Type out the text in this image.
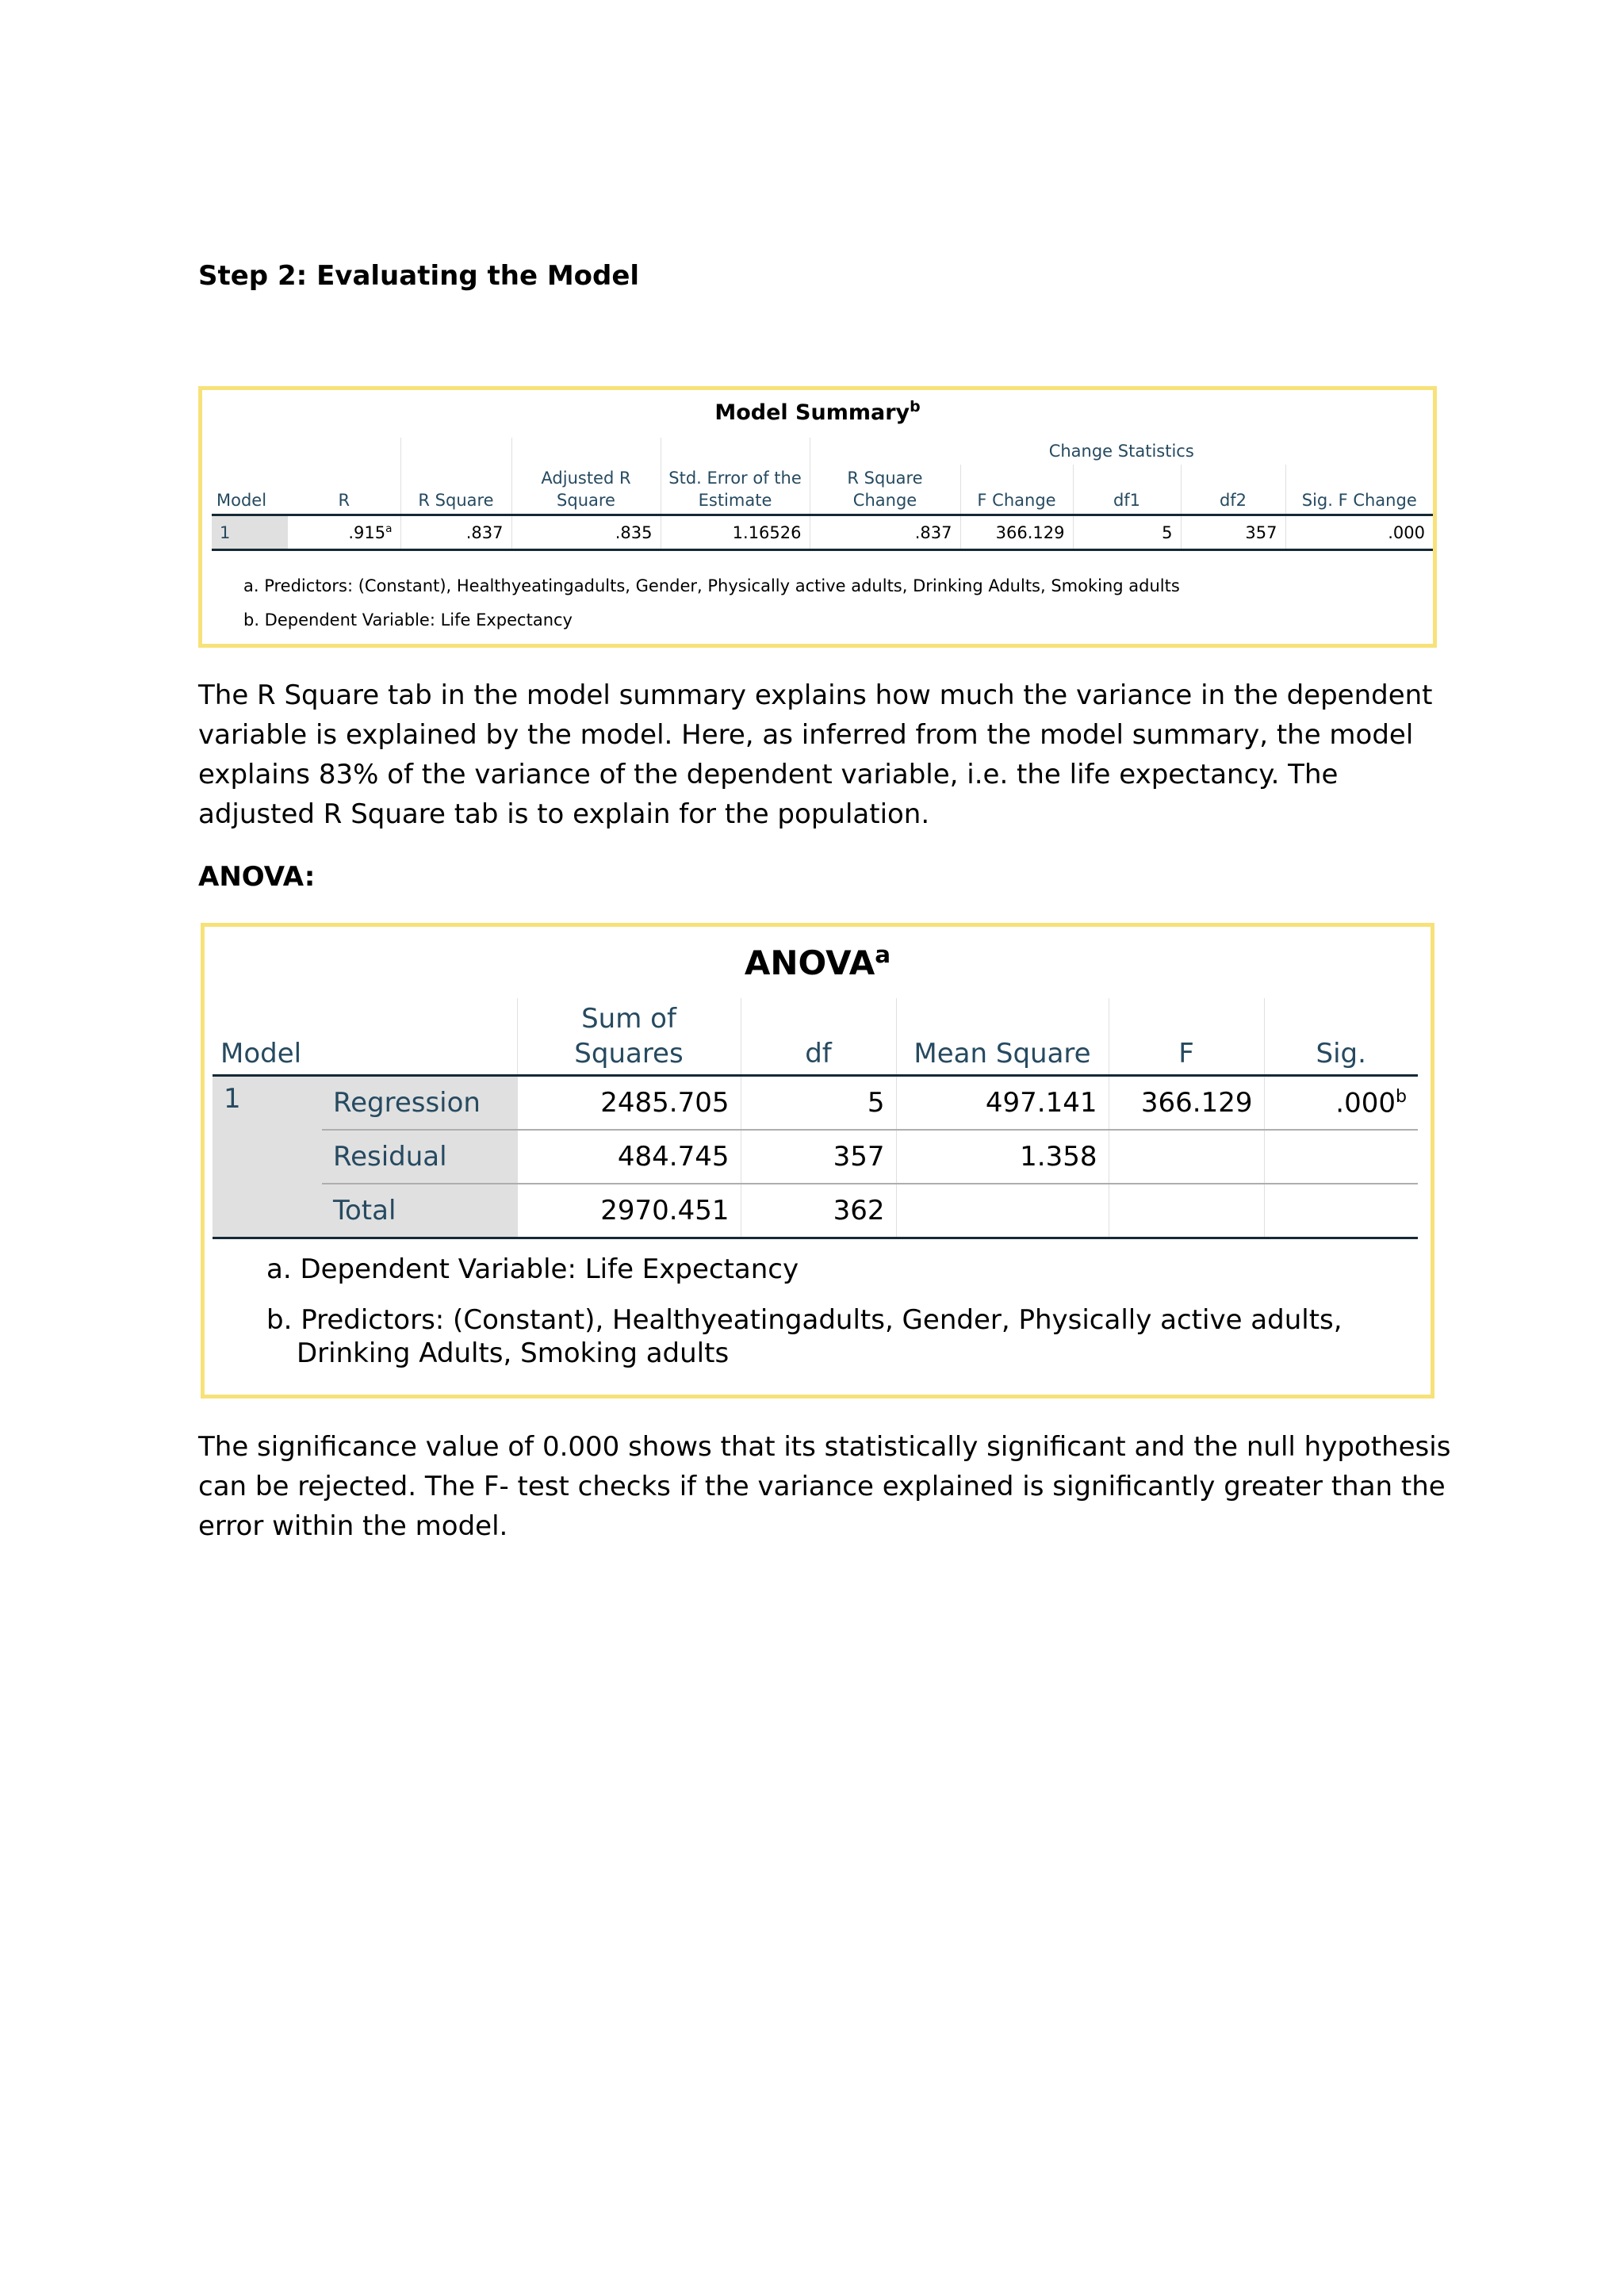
Step 2: Evaluating the Model
Model Summary$^b$
					Change Statistics				
Model	R	R Square	Adjusted R Square	Std. Error of the Estimate	R Square Change	F Change	df1	df2	Sig. F Change
1	.915$^a$	.837	.835	1.16526	.837	366.129	5	357	.000
a. Predictors: (Constant), Healthyeatingadults, Gender, Physically active adults, Drinking Adults, Smoking adults
b. Dependent Variable: Life Expectancy
The R Square tab in the model summary explains how much the variance in the dependent variable is explained by the model. Here, as inferred from the model summary, the model explains 83% of the variance of the dependent variable, i.e. the life expectancy. The adjusted R Square tab is to explain for the population.
ANOVA:
ANOVA$^a$
Model		Sum of Squares	df	Mean Square	F	Sig.
1	Regression	2485.705	5	497.141	366.129	.000$^b$
	Residual	484.745	357	1.358		
	Total	2970.451	362			
a. Dependent Variable: Life Expectancy
b. Predictors: (Constant), Healthyeatingadults, Gender, Physically active adults,
Drinking Adults, Smoking adults
The significance value of 0.000 shows that its statistically significant and the null hypothesis can be rejected. The F- test checks if the variance explained is significantly greater than the error within the model.
